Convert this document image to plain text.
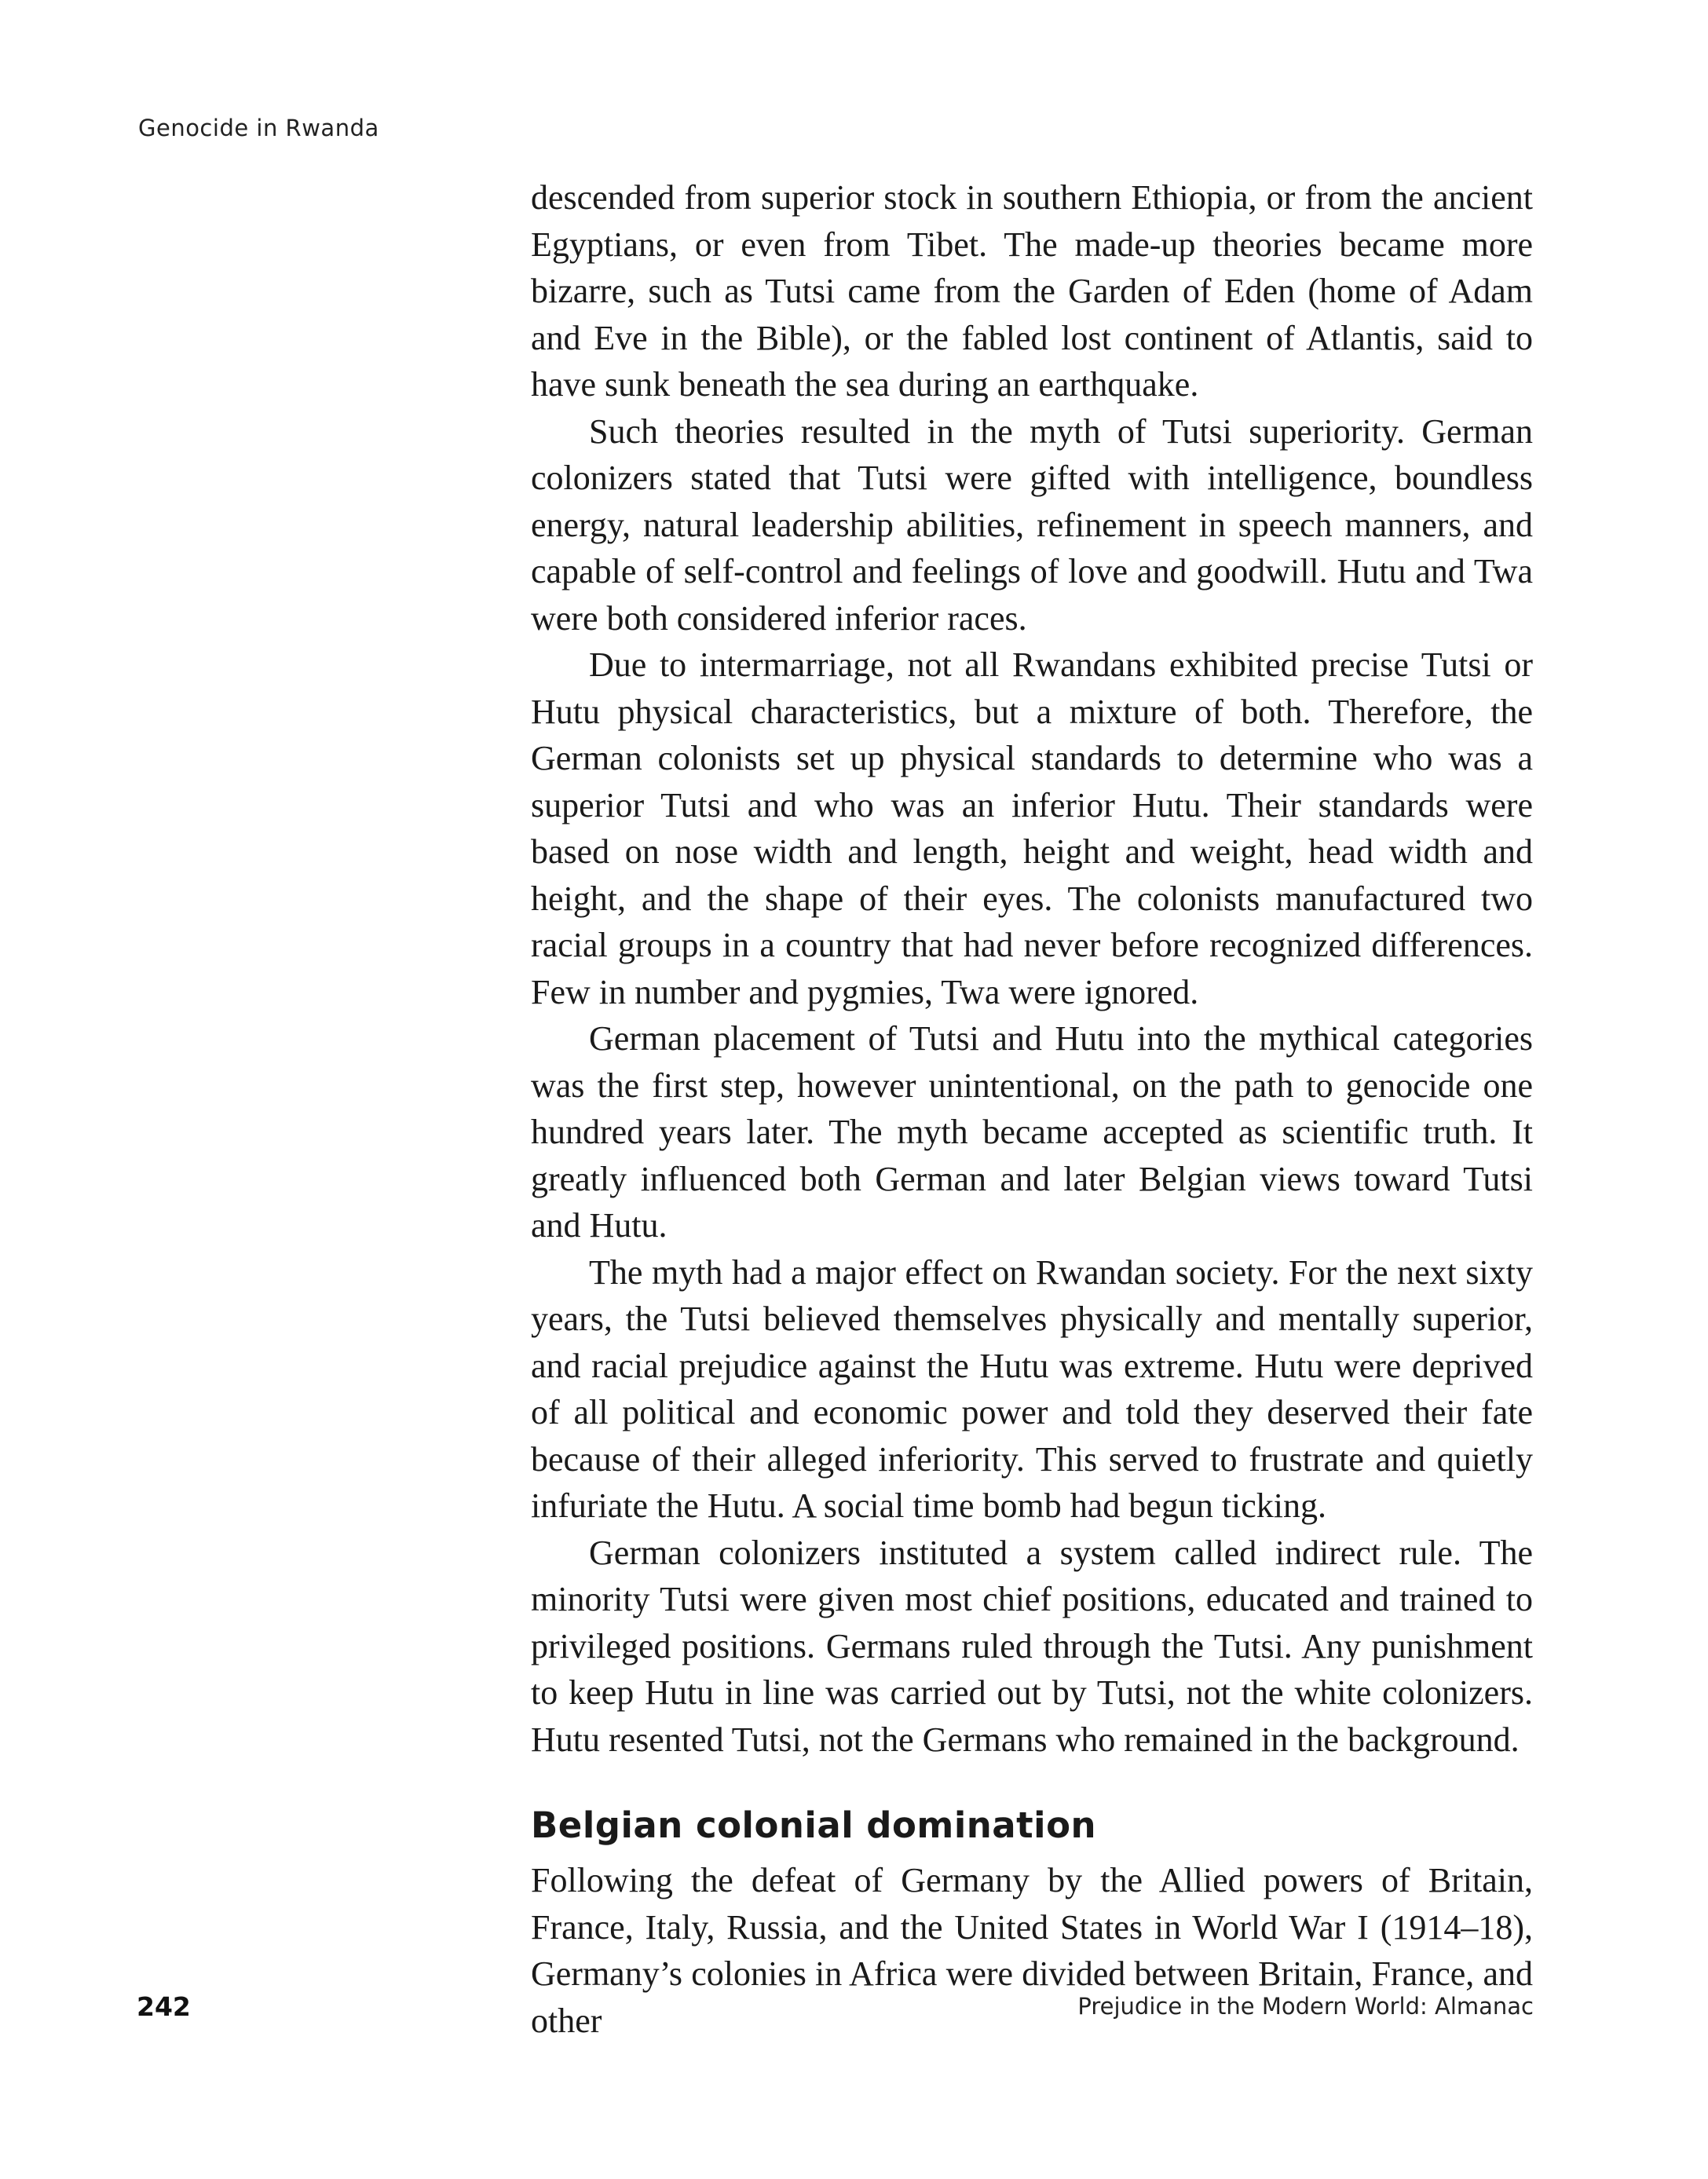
Genocide in Rwanda

descended from superior stock in southern Ethiopia, or from the ancient Egyptians, or even from Tibet. The made-up theories became more bizarre, such as Tutsi came from the Garden of Eden (home of Adam and Eve in the Bible), or the fabled lost continent of Atlantis, said to have sunk beneath the sea during an earthquake.

Such theories resulted in the myth of Tutsi superiority. German colonizers stated that Tutsi were gifted with intelligence, boundless energy, natural leadership abilities, refinement in speech manners, and capable of self-control and feelings of love and goodwill. Hutu and Twa were both considered inferior races.

Due to intermarriage, not all Rwandans exhibited precise Tutsi or Hutu physical characteristics, but a mixture of both. Therefore, the German colonists set up physical standards to determine who was a superior Tutsi and who was an inferior Hutu. Their standards were based on nose width and length, height and weight, head width and height, and the shape of their eyes. The colonists manufactured two racial groups in a country that had never before recognized differences. Few in number and pygmies, Twa were ignored.

German placement of Tutsi and Hutu into the mythical categories was the first step, however unintentional, on the path to genocide one hundred years later. The myth became accepted as scientific truth. It greatly influenced both German and later Belgian views toward Tutsi and Hutu.

The myth had a major effect on Rwandan society. For the next sixty years, the Tutsi believed themselves physically and mentally superior, and racial prejudice against the Hutu was extreme. Hutu were deprived of all political and economic power and told they deserved their fate because of their alleged inferiority. This served to frustrate and quietly infuriate the Hutu. A social time bomb had begun ticking.

German colonizers instituted a system called indirect rule. The minority Tutsi were given most chief positions, educated and trained to privileged positions. Germans ruled through the Tutsi. Any punishment to keep Hutu in line was carried out by Tutsi, not the white colonizers. Hutu resented Tutsi, not the Germans who remained in the background.

Belgian colonial domination

Following the defeat of Germany by the Allied powers of Britain, France, Italy, Russia, and the United States in World War I (1914–18), Germany’s colonies in Africa were divided between Britain, France, and other

242	Prejudice in the Modern World: Almanac
